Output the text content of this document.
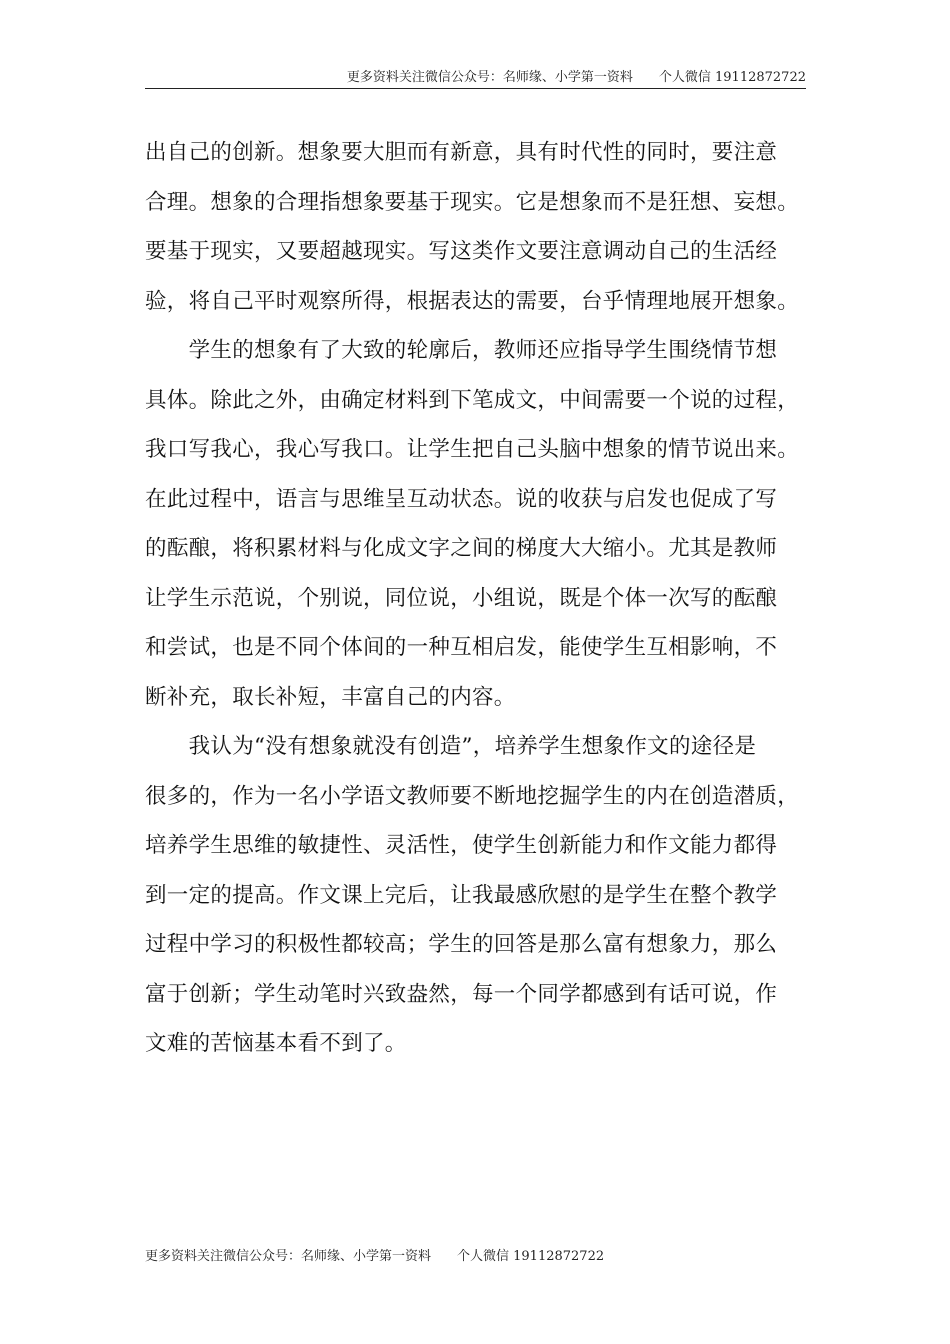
更多资料关注微信公众号：名师缘、小学第一资料　　个人微信 19112872722
出自己的创新。想象要大胆而有新意，具有时代性的同时，要注意
合理。想象的合理指想象要基于现实。它是想象而不是狂想、妄想。
要基于现实，又要超越现实。写这类作文要注意调动自己的生活经
验，将自己平时观察所得，根据表达的需要，台乎情理地展开想象。
　　学生的想象有了大致的轮廓后，教师还应指导学生围绕情节想
具体。除此之外，由确定材料到下笔成文，中间需要一个说的过程，
我口写我心，我心写我口。让学生把自己头脑中想象的情节说出来。
在此过程中，语言与思维呈互动状态。说的收获与启发也促成了写
的酝酿，将积累材料与化成文字之间的梯度大大缩小。尤其是教师
让学生示范说，个别说，同位说，小组说，既是个体一次写的酝酿
和尝试，也是不同个体间的一种互相启发，能使学生互相影响，不
断补充，取长补短，丰富自己的内容。
　　我认为“没有想象就没有创造”，培养学生想象作文的途径是
很多的，作为一名小学语文教师要不断地挖掘学生的内在创造潜质，
培养学生思维的敏捷性、灵活性，使学生创新能力和作文能力都得
到一定的提高。作文课上完后，让我最感欣慰的是学生在整个教学
过程中学习的积极性都较高；学生的回答是那么富有想象力，那么
富于创新；学生动笔时兴致盎然，每一个同学都感到有话可说，作
文难的苦恼基本看不到了。
更多资料关注微信公众号：名师缘、小学第一资料　　个人微信 19112872722
